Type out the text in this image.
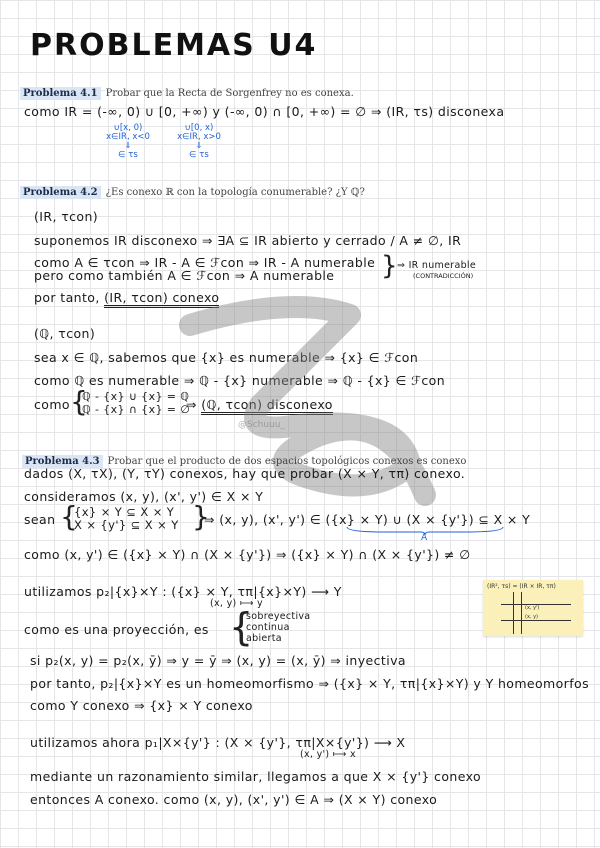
PROBLEMAS U4
Problema 4.1 Probar que la Recta de Sorgenfrey no es conexa.
como IR = (-∞, 0) ∪ [0, +∞) y (-∞, 0) ∩ [0, +∞) = ∅ ⇒ (IR, τs) disconexa
∪[x, 0)
x∈IR, x<0
⇓
∈ τs
∪[0, x)
x∈IR, x>0
⇓
∈ τs
Problema 4.2 ¿Es conexo ℝ con la topología conumerable? ¿Y ℚ?
(IR, τcon)
suponemos IR disconexo ⇒ ∃A ⊆ IR abierto y cerrado / A ≠ ∅, IR
como A ∈ τcon ⇒ IR - A ∈ ℱcon ⇒ IR - A numerable
pero como también A ∈ ℱcon ⇒ A numerable } ⇒ IR numerable
(CONTRADICCIÓN)
por tanto, (IR, τcon) conexo
(ℚ, τcon)
sea x ∈ ℚ, sabemos que {x} es numerable ⇒ {x} ∈ ℱcon
como ℚ es numerable ⇒ ℚ - {x} numerable ⇒ ℚ - {x} ∈ ℱcon
como {
ℚ - {x} ∪ {x} = ℚ
ℚ - {x} ∩ {x} = ∅
⇒ (ℚ, τcon) disconexo
@Schuuu_
Problema 4.3 Probar que el producto de dos espacios topológicos conexos es conexo
dados (X, τX), (Y, τY) conexos, hay que probar (X × Y, τπ) conexo.
consideramos (x, y), (x', y') ∈ X × Y
sean {
{x} × Y ⊆ X × Y
X × {y'} ⊆ X × Y }
⇒ (x, y), (x', y') ∈ ({x} × Y) ∪ (X × {y'}) ⊆ X × Y
A
como (x, y') ∈ ({x} × Y) ∩ (X × {y'}) ⇒ ({x} × Y) ∩ (X × {y'}) ≠ ∅
utilizamos p₂|{x}×Y : ({x} × Y, τπ|{x}×Y) ⟶ Y
(x, y) ⟼ y
como es una proyección, es {
sobreyectiva
continua
abierta
si p₂(x, y) = p₂(x, ȳ) ⇒ y = ȳ ⇒ (x, y) = (x, ȳ) ⇒ inyectiva
por tanto, p₂|{x}×Y es un homeomorfismo ⇒ ({x} × Y, τπ|{x}×Y) y Y homeomorfos
como Y conexo ⇒ {x} × Y conexo
utilizamos ahora p₁|X×{y'} : (X × {y'}, τπ|X×{y'}) ⟶ X
(x, y') ⟼ x
mediante un razonamiento similar, llegamos a que X × {y'} conexo
entonces A conexo. como (x, y), (x', y') ∈ A ⇒ (X × Y) conexo
(IR², τs) = (IR × IR, τπ)
(x, y')
(x, y)
